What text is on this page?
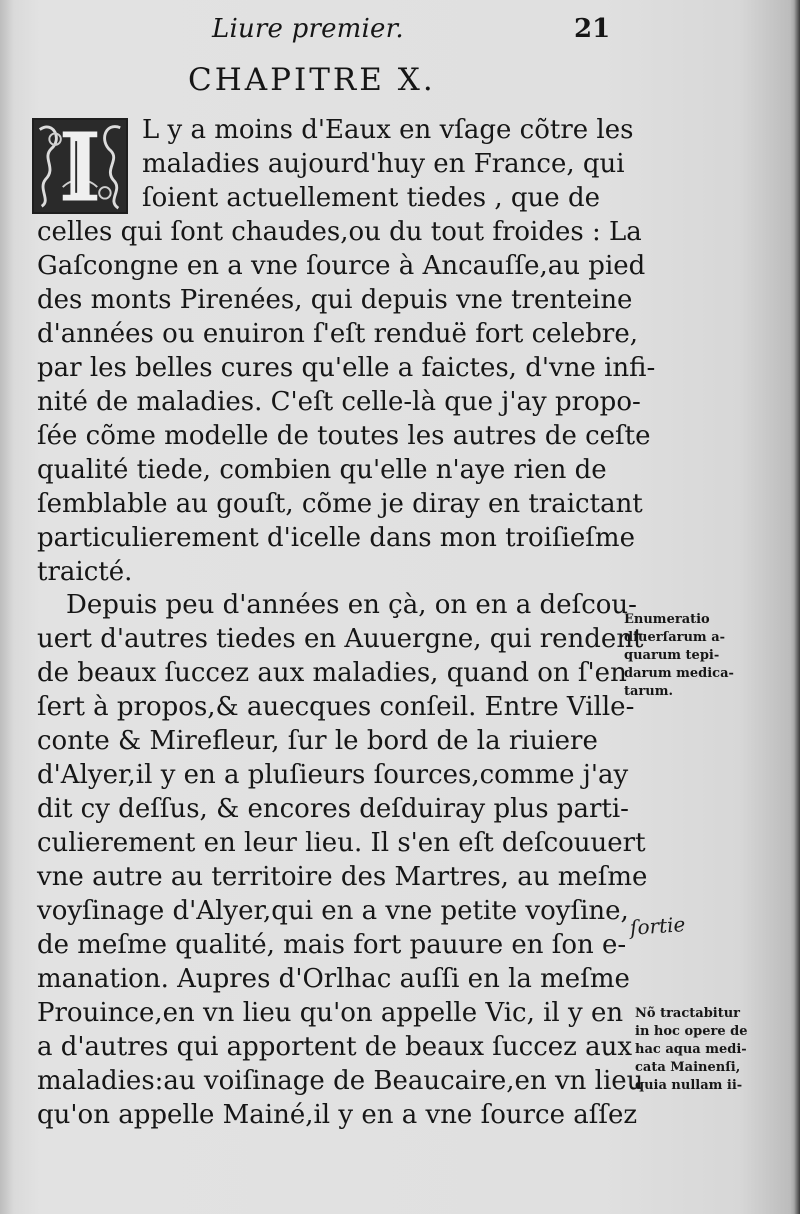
Liure premier.	21
CHAPITRE X.
L y a moins d'Eaux en vſage cõtre les
maladies aujourd'huy en France, qui
ſoient actuellement tiedes , que de
celles qui ſont chaudes,ou du tout froides : La
Gaſcongne en a vne ſource à Ancauſſe,au pied
des monts Pirenées, qui depuis vne trenteine
d'années ou enuiron ſ'eſt renduë fort celebre,
par les belles cures qu'elle a faictes, d'vne infi-
nité de maladies. C'eſt celle-là que j'ay propo-
ſée cõme modelle de toutes les autres de ceſte
qualité tiede, combien qu'elle n'aye rien de
ſemblable au gouſt, cõme je diray en traictant
particulierement d'icelle dans mon troiſieſme
traicté.
Depuis peu d'années en çà, on en a deſcou-
uert d'autres tiedes en Auuergne, qui rendent
de beaux ſuccez aux maladies, quand on ſ'en
ſert à propos,& auecques conſeil. Entre Ville-
conte & Mirefleur, ſur le bord de la riuiere
d'Alyer,il y en a pluſieurs ſources,comme j'ay
dit cy deſſus, & encores deſduiray plus parti-
culierement en leur lieu. Il s'en eſt deſcouuert
vne autre au territoire des Martres, au meſme
voyſinage d'Alyer,qui en a vne petite voyſine,
de meſme qualité, mais fort pauure en ſon e-
manation. Aupres d'Orlhac auſſi en la meſme
Prouince,en vn lieu qu'on appelle Vic, il y en
a d'autres qui apportent de beaux ſuccez aux
maladies:au voiſinage de Beaucaire,en vn lieu
qu'on appelle Mainé,il y en a vne ſource aſſez
Enumeratio
diuerſarum a-
quarum tepi-
darum medica-
tarum.
Nõ tractabitur
in hoc opere de
hac aqua medi-
cata Mainenſi,
quia nullam ii-
ſortie
